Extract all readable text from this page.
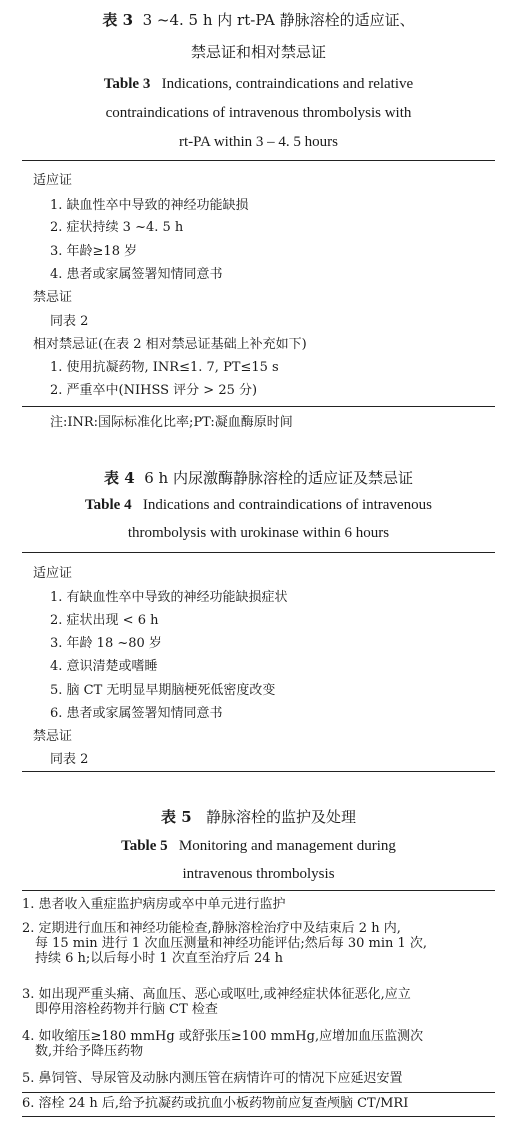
表 3 3 ~4. 5 h 内 rt-PA 静脉溶栓的适应证、
禁忌证和相对禁忌证
Table 3 Indications, contraindications and relative
contraindications of intravenous thrombolysis with
rt-PA within 3 – 4. 5 hours
适应证
1. 缺血性卒中导致的神经功能缺损
2. 症状持续 3 ~4. 5 h
3. 年龄≥18 岁
4. 患者或家属签署知情同意书
禁忌证
同表 2
相对禁忌证(在表 2 相对禁忌证基础上补充如下)
1. 使用抗凝药物, INR≤1. 7, PT≤15 s
2. 严重卒中(NIHSS 评分 > 25 分)
注:INR:国际标准化比率;PT:凝血酶原时间
表 4 6 h 内尿激酶静脉溶栓的适应证及禁忌证
Table 4 Indications and contraindications of intravenous
thrombolysis with urokinase within 6 hours
适应证
1. 有缺血性卒中导致的神经功能缺损症状
2. 症状出现 < 6 h
3. 年龄 18 ~80 岁
4. 意识清楚或嗜睡
5. 脑 CT 无明显早期脑梗死低密度改变
6. 患者或家属签署知情同意书
禁忌证
同表 2
表 5 静脉溶栓的监护及处理
Table 5 Monitoring and management during
intravenous thrombolysis
1. 患者收入重症监护病房或卒中单元进行监护
2. 定期进行血压和神经功能检查,静脉溶栓治疗中及结束后 2 h 内,
每 15 min 进行 1 次血压测量和神经功能评估;然后每 30 min 1 次,
持续 6 h;以后每小时 1 次直至治疗后 24 h
3. 如出现严重头痛、高血压、恶心或呕吐,或神经症状体征恶化,应立
即停用溶栓药物并行脑 CT 检查
4. 如收缩压≥180 mmHg 或舒张压≥100 mmHg,应增加血压监测次
数,并给予降压药物
5. 鼻饲管、导尿管及动脉内测压管在病情许可的情况下应延迟安置
6. 溶栓 24 h 后,给予抗凝药或抗血小板药物前应复查颅脑 CT/MRI
